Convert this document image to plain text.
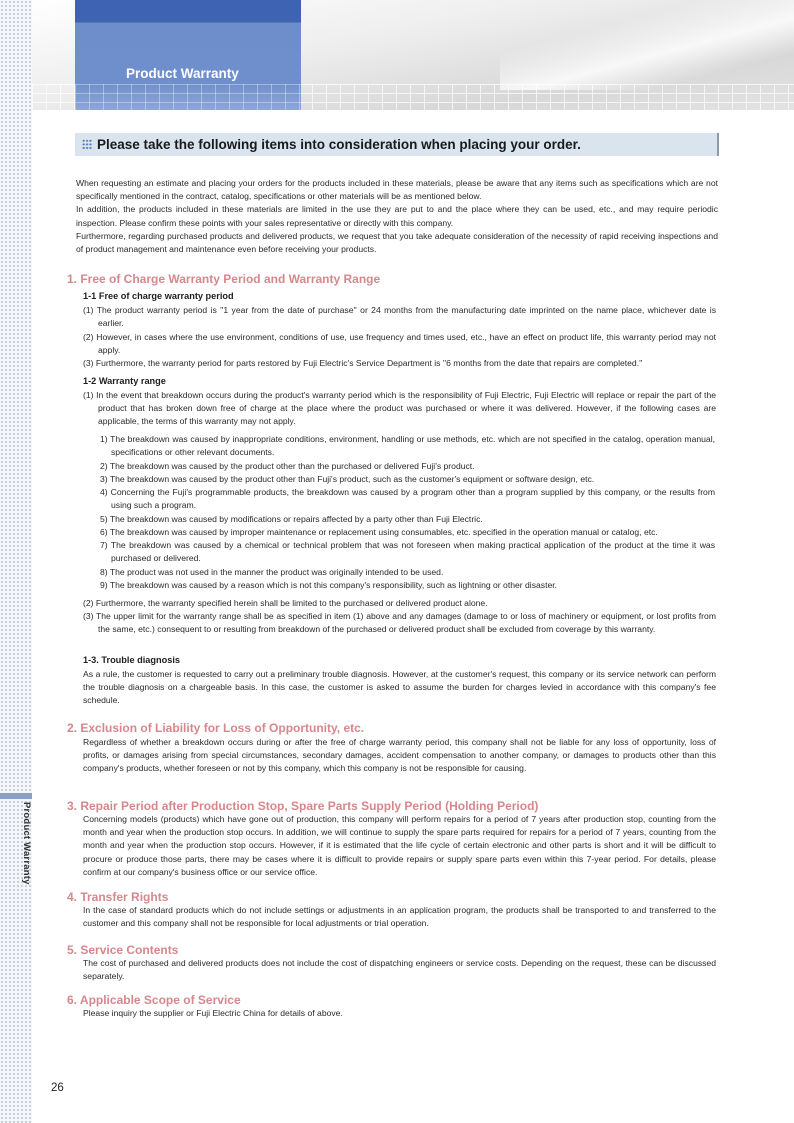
Product Warranty
Product Warranty
Please take the following items into consideration when placing your order.
When requesting an estimate and placing your orders for the products included in these materials, please be aware that any items such as specifications which are not specifically mentioned in the contract, catalog, specifications or other materials will be as mentioned below.
In addition, the products included in these materials are limited in the use they are put to and the place where they can be used, etc., and may require periodic inspection. Please confirm these points with your sales representative or directly with this company.
Furthermore, regarding purchased products and delivered products, we request that you take adequate consideration of the necessity of rapid receiving inspections and of product management and maintenance even before receiving your products.
1. Free of Charge Warranty Period and Warranty Range
1-1 Free of charge warranty period
(1) The product warranty period is ''1 year from the date of purchase'' or 24 months from the manufacturing date imprinted on the name place, whichever date is earlier.
(2) However, in cases where the use environment, conditions of use, use frequency and times used, etc., have an effect on product life, this warranty period may not apply.
(3) Furthermore, the warranty period for parts restored by Fuji Electric's Service Department is ''6 months from the date that repairs are completed.''
1-2 Warranty range
(1) In the event that breakdown occurs during the product's warranty period which is the responsibility of Fuji Electric, Fuji Electric will replace or repair the part of the product that has broken down free of charge at the place where the product was purchased or where it was delivered. However, if the following cases are applicable, the terms of this warranty may not apply.
1) The breakdown was caused by inappropriate conditions, environment, handling or use methods, etc. which are not specified in the catalog, operation manual, specifications or other relevant documents.
2) The breakdown was caused by the product other than the purchased or delivered Fuji's product.
3) The breakdown was caused by the product other than Fuji's product, such as the customer's equipment or software design, etc.
4) Concerning the Fuji's programmable products, the breakdown was caused by a program other than a program supplied by this company, or the results from using such a program.
5) The breakdown was caused by modifications or repairs affected by a party other than Fuji Electric.
6) The breakdown was caused by improper maintenance or replacement using consumables, etc. specified in the operation manual or catalog, etc.
7) The breakdown was caused by a chemical or technical problem that was not foreseen when making practical application of the product at the time it was purchased or delivered.
8) The product was not used in the manner the product was originally intended to be used.
9) The breakdown was caused by a reason which is not this company's responsibility, such as lightning or other disaster.
(2) Furthermore, the warranty specified herein shall be limited to the purchased or delivered product alone.
(3) The upper limit for the warranty range shall be as specified in item (1) above and any damages (damage to or loss of machinery or equipment, or lost profits from the same, etc.) consequent to or resulting from breakdown of the purchased or delivered product shall be excluded from coverage by this warranty.
1-3. Trouble diagnosis
As a rule, the customer is requested to carry out a preliminary trouble diagnosis. However, at the customer's request, this company or its service network can perform the trouble diagnosis on a chargeable basis. In this case, the customer is asked to assume the burden for charges levied in accordance with this company's fee schedule.
2. Exclusion of Liability for Loss of Opportunity, etc.
Regardless of whether a breakdown occurs during or after the free of charge warranty period, this company shall not be liable for any loss of opportunity, loss of profits, or damages arising from special circumstances, secondary damages, accident compensation to another company, or damages to products other than this company's products, whether foreseen or not by this company, which this company is not be responsible for causing.
3. Repair Period after Production Stop, Spare Parts Supply Period (Holding Period)
Concerning models (products) which have gone out of production, this company will perform repairs for a period of 7 years after production stop, counting from the month and year when the production stop occurs. In addition, we will continue to supply the spare parts required for repairs for a period of 7 years, counting from the month and year when the production stop occurs. However, if it is estimated that the life cycle of certain electronic and other parts is short and it will be difficult to procure or produce those parts, there may be cases where it is difficult to provide repairs or supply spare parts even within this 7-year period. For details, please confirm at our company's business office or our service office.
4. Transfer Rights
In the case of standard products which do not include settings or adjustments in an application program, the products shall be transported to and transferred to the customer and this company shall not be responsible for local adjustments or trial operation.
5. Service Contents
The cost of purchased and delivered products does not include the cost of dispatching engineers or service costs. Depending on the request, these can be discussed separately.
6. Applicable Scope of Service
Please inquiry the supplier or Fuji Electric China for details of above.
26
